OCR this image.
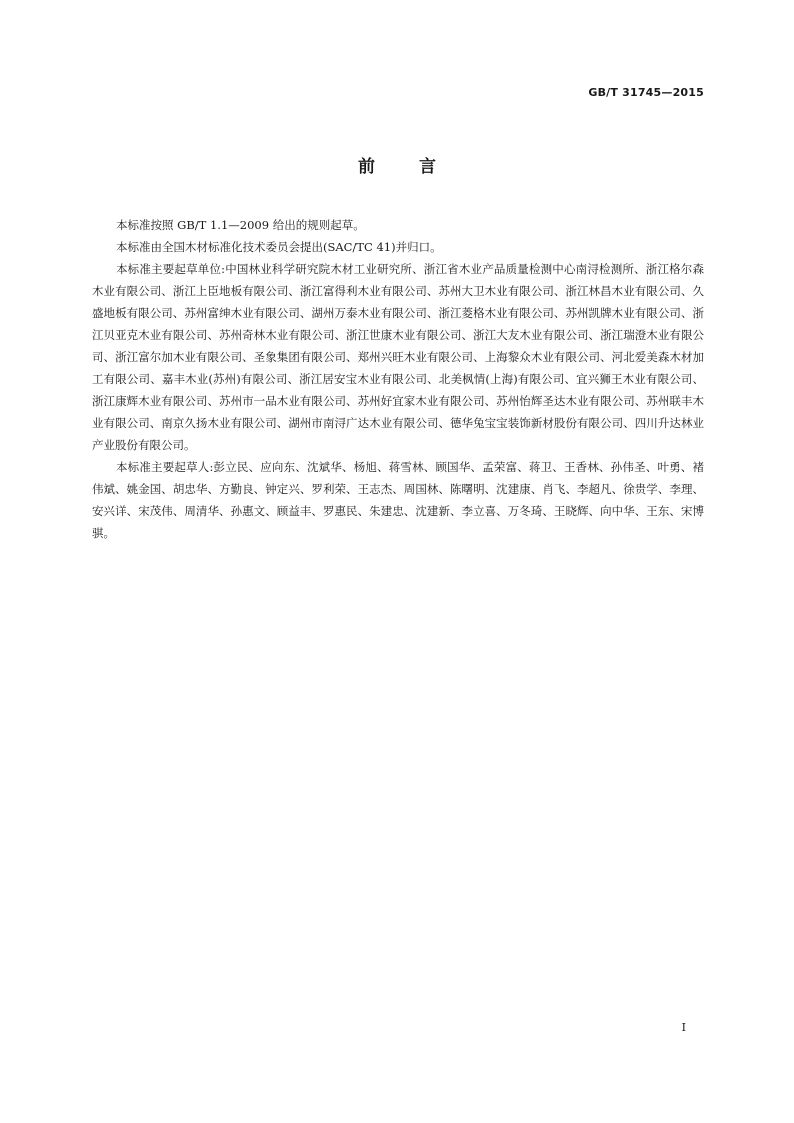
GB/T 31745—2015
前言

本标准按照 GB/T 1.1—2009 给出的规则起草。

本标准由全国木材标准化技术委员会提出(SAC/TC 41)并归口。

本标准主要起草单位:中国林业科学研究院木材工业研究所、浙江省木业产品质量检测中心南浔检测所、浙江格尔森木业有限公司、浙江上臣地板有限公司、浙江富得利木业有限公司、苏州大卫木业有限公司、浙江林昌木业有限公司、久盛地板有限公司、苏州富绅木业有限公司、湖州万泰木业有限公司、浙江菱格木业有限公司、苏州凯牌木业有限公司、浙江贝亚克木业有限公司、苏州奇林木业有限公司、浙江世康木业有限公司、浙江大友木业有限公司、浙江瑞澄木业有限公司、浙江富尔加木业有限公司、圣象集团有限公司、郑州兴旺木业有限公司、上海黎众木业有限公司、河北爱美森木材加工有限公司、嘉丰木业(苏州)有限公司、浙江居安宝木业有限公司、北美枫情(上海)有限公司、宜兴狮王木业有限公司、浙江康辉木业有限公司、苏州市一品木业有限公司、苏州好宜家木业有限公司、苏州怡辉圣达木业有限公司、苏州联丰木业有限公司、南京久扬木业有限公司、湖州市南浔广达木业有限公司、德华兔宝宝装饰新材股份有限公司、四川升达林业产业股份有限公司。

本标准主要起草人:彭立民、应向东、沈斌华、杨旭、蒋雪林、顾国华、孟荣富、蒋卫、王香林、孙伟圣、叶勇、褚伟斌、姚金国、胡忠华、方勤良、钟定兴、罗利荣、王志杰、周国林、陈曙明、沈建康、肖飞、李超凡、徐贵学、李理、安兴详、宋茂伟、周清华、孙惠文、顾益丰、罗惠民、朱建忠、沈建新、李立喜、万冬琦、王晓辉、向中华、王东、宋博骐。

I
